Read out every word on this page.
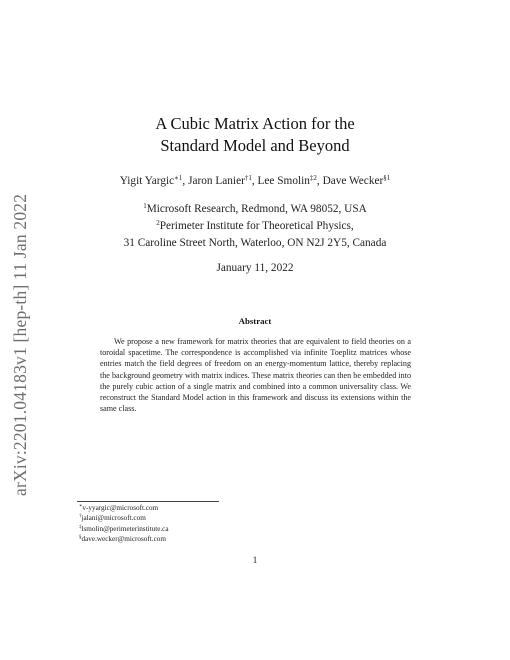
arXiv:2201.04183v1 [hep-th] 11 Jan 2022
A Cubic Matrix Action for the
Standard Model and Beyond
Yigit Yargic$^{∗1}$, Jaron Lanier$^{\dagger 1}$, Lee Smolin$^{\ddagger 2}$, Dave Wecker$^{\S 1}$
$^1$Microsoft Research, Redmond, WA 98052, USA
$^2$Perimeter Institute for Theoretical Physics,
31 Caroline Street North, Waterloo, ON N2J 2Y5, Canada
January 11, 2022
Abstract
We propose a new framework for matrix theories that are equivalent to field theories on a toroidal spacetime. The correspondence is accomplished via infinite Toeplitz matrices whose entries match the field degrees of freedom on an energy-momentum lattice, thereby replacing the background geometry with matrix indices. These matrix theories can then be embedded into the purely cubic action of a single matrix and combined into a common universality class. We reconstruct the Standard Model action in this framework and discuss its extensions within the same class.
∗v-yyargic@microsoft.com
†jalani@microsoft.com
‡lsmolin@perimeterinstitute.ca
§dave.wecker@microsoft.com
1
